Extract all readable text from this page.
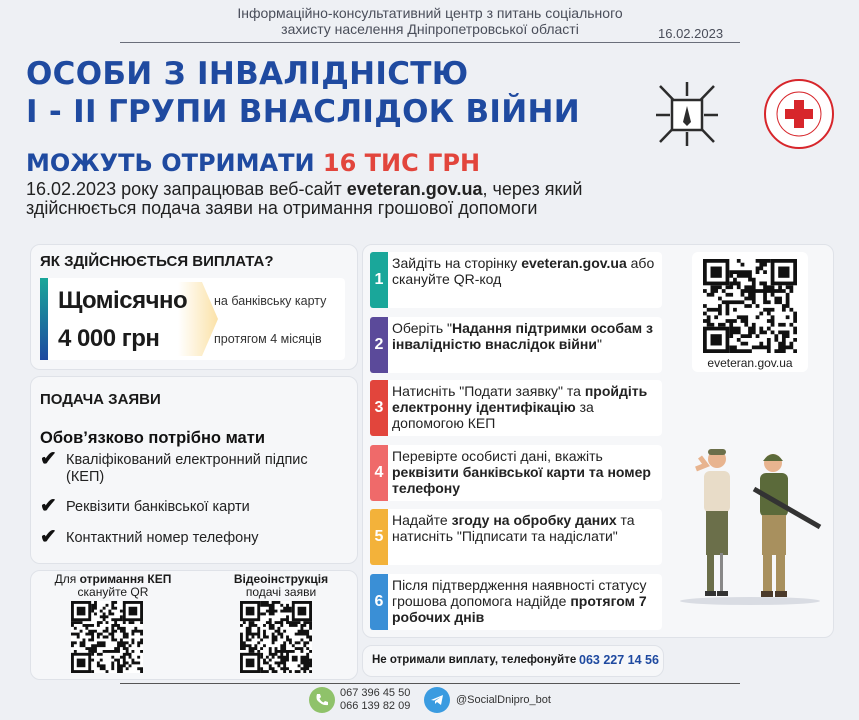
Інформаційно-консультативний центр з питань соціального
захисту населення Дніпропетровської області	16.02.2023
ОСОБИ З ІНВАЛІДНІСТЮ
І - ІІ ГРУПИ ВНАСЛІДОК ВІЙНИ
МОЖУТЬ ОТРИМАТИ 16 ТИС ГРН
16.02.2023 року запрацював веб-сайт eveteran.gov.ua, через який здійснюється подача заяви на отримання грошової допомоги
ЯК ЗДІЙСНЮЄТЬСЯ ВИПЛАТА?
Щомісячно
4 000 грн
на банківську карту
протягом 4 місяців
ПОДАЧА ЗАЯВИ
Обов’язково потрібно мати
✔ Кваліфікований електронний підпис (КЕП)
✔ Реквізити банківської карти
✔ Контактний номер телефону
Для отримання КЕП
скануйте QR
Відеоінструкція
подачі заяви
1
Зайдіть на сторінку eveteran.gov.ua або скануйте QR-код
2
Оберіть "Надання підтримки особам з інвалідністю внаслідок війни"
3
Натисніть "Подати заявку" та пройдіть електронну ідентифікацію за допомогою КЕП
4
Перевірте особисті дані, вкажіть реквізити банківської карти та номер телефону
5
Надайте згоду на обробку даних та натисніть "Підписати та надіслати"
6
Після підтвердження наявності статусу грошова допомога надійде протягом 7 робочих днів
eveteran.gov.ua
Не отримали виплату, телефонуйте 063 227 14 56
067 396 45 50
066 139 82 09	@SocialDnipro_bot
